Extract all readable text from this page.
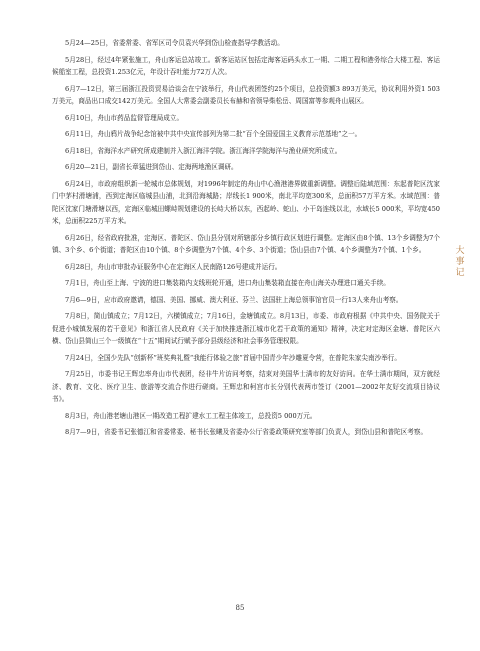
大
事
记

5月24—25日，省委常委、省军区司令员袁兴华到岱山检查指导学教活动。

5月28日，经过4年紧张施工，舟山客运总站竣工。新客运站区包括定海客运码头水工一期、二期工程和港务综合大楼工程、客运候船室工程，总投资1.253亿元，年设计吞吐能力72万人次。

6月7—12日，第三届浙江投资贸易洽谈会在宁波举行，舟山代表团签约25个项目，总投资额3 893万美元，协议利用外资1 503万美元，商品出口成交142万美元。全国人大常委会副委员长布赫和省领导柴松岳、周国富等参观舟山展区。

6月10日，舟山市药品监督管理局成立。

6月11日，舟山鸦片战争纪念馆被中共中央宣传部列为第二批“百个全国爱国主义教育示范基地”之一。

6月18日，省海洋水产研究所成建制并入浙江海洋学院。浙江海洋学院海洋与渔业研究所成立。

6月20—21日，副省长章猛进到岱山、定海两地渔区调研。

6月24日，市政府组织新一轮城市总体规划，对1996年制定的舟山中心渔港港界做重新调整。调整后陆域范围：东起普陀区沈家门中茅村滑塘浦，西到定海区临城县山浦，北到沿海城路；岸线长1 900米，南北平均宽300米，总面积57万平方米。水域范围：普陀区沈家门塘滑塘以西，定海区临城田螺峙规划建设的长峙大桥以东，西起岭、蛇山、小干岛连线以北，水域长5 000米，平均宽450米，总面积225万平方米。

6月26日，经省政府批准，定海区、普陀区、岱山县分别对所辖部分乡镇行政区划进行调整。定海区由8个镇、13个乡调整为7个镇、3个乡、6个街道；普陀区由10个镇、8个乡调整为7个镇、4个乡、3个街道；岱山县由7个镇、4个乡调整为7个镇、1个乡。

6月28日，舟山市审批办证服务中心在定海区人民南路126号建成并运行。

7月1日，舟山至上海、宁波的进口集装箱内支线班轮开通，进口舟山集装箱直接在舟山海关办理进口通关手续。

7月6—9日，应市政府邀请，德国、美国、挪威、澳大利亚、芬兰、法国驻上海总领事馆官员一行13人来舟山考察。

7月8日，简山镇成立；7月12日，六横镇成立；7月16日，金塘镇成立。8月13日，市委、市政府根据《中共中央、国务院关于促进小城镇发展的若干意见》和浙江省人民政府《关于加快推进浙江城市化若干政策的通知》精神，决定对定海区金塘、普陀区六横、岱山县简山三个一级镇在“十五”期间试行赋予部分县级经济和社会事务管理权限。

7月24日，全国少先队“创新杯”班奖典礼暨“我能行体验之旅”首届中国青少年沙雕夏令营，在普陀朱家尖南沙举行。

7月25日，市委书记王辉忠率舟山市代表团，经非牛片访问考察，结束对美国华士满市的友好访问。在华士满市期间，双方就经济、教育、文化、医疗卫生、旅游等交流合作进行磋商。王辉忠和柯宫市长分别代表两市签订《2001—2002年友好交流项目协议书》。

8月3日，舟山港老塘山港区一期改造工程扩建水工工程主体竣工，总投资5 000万元。

8月7—9日，省委书记张德江和省委常委、秘书长张曦及省委办公厅省委政策研究室等部门负责人，到岱山县和普陀区考察。

85
